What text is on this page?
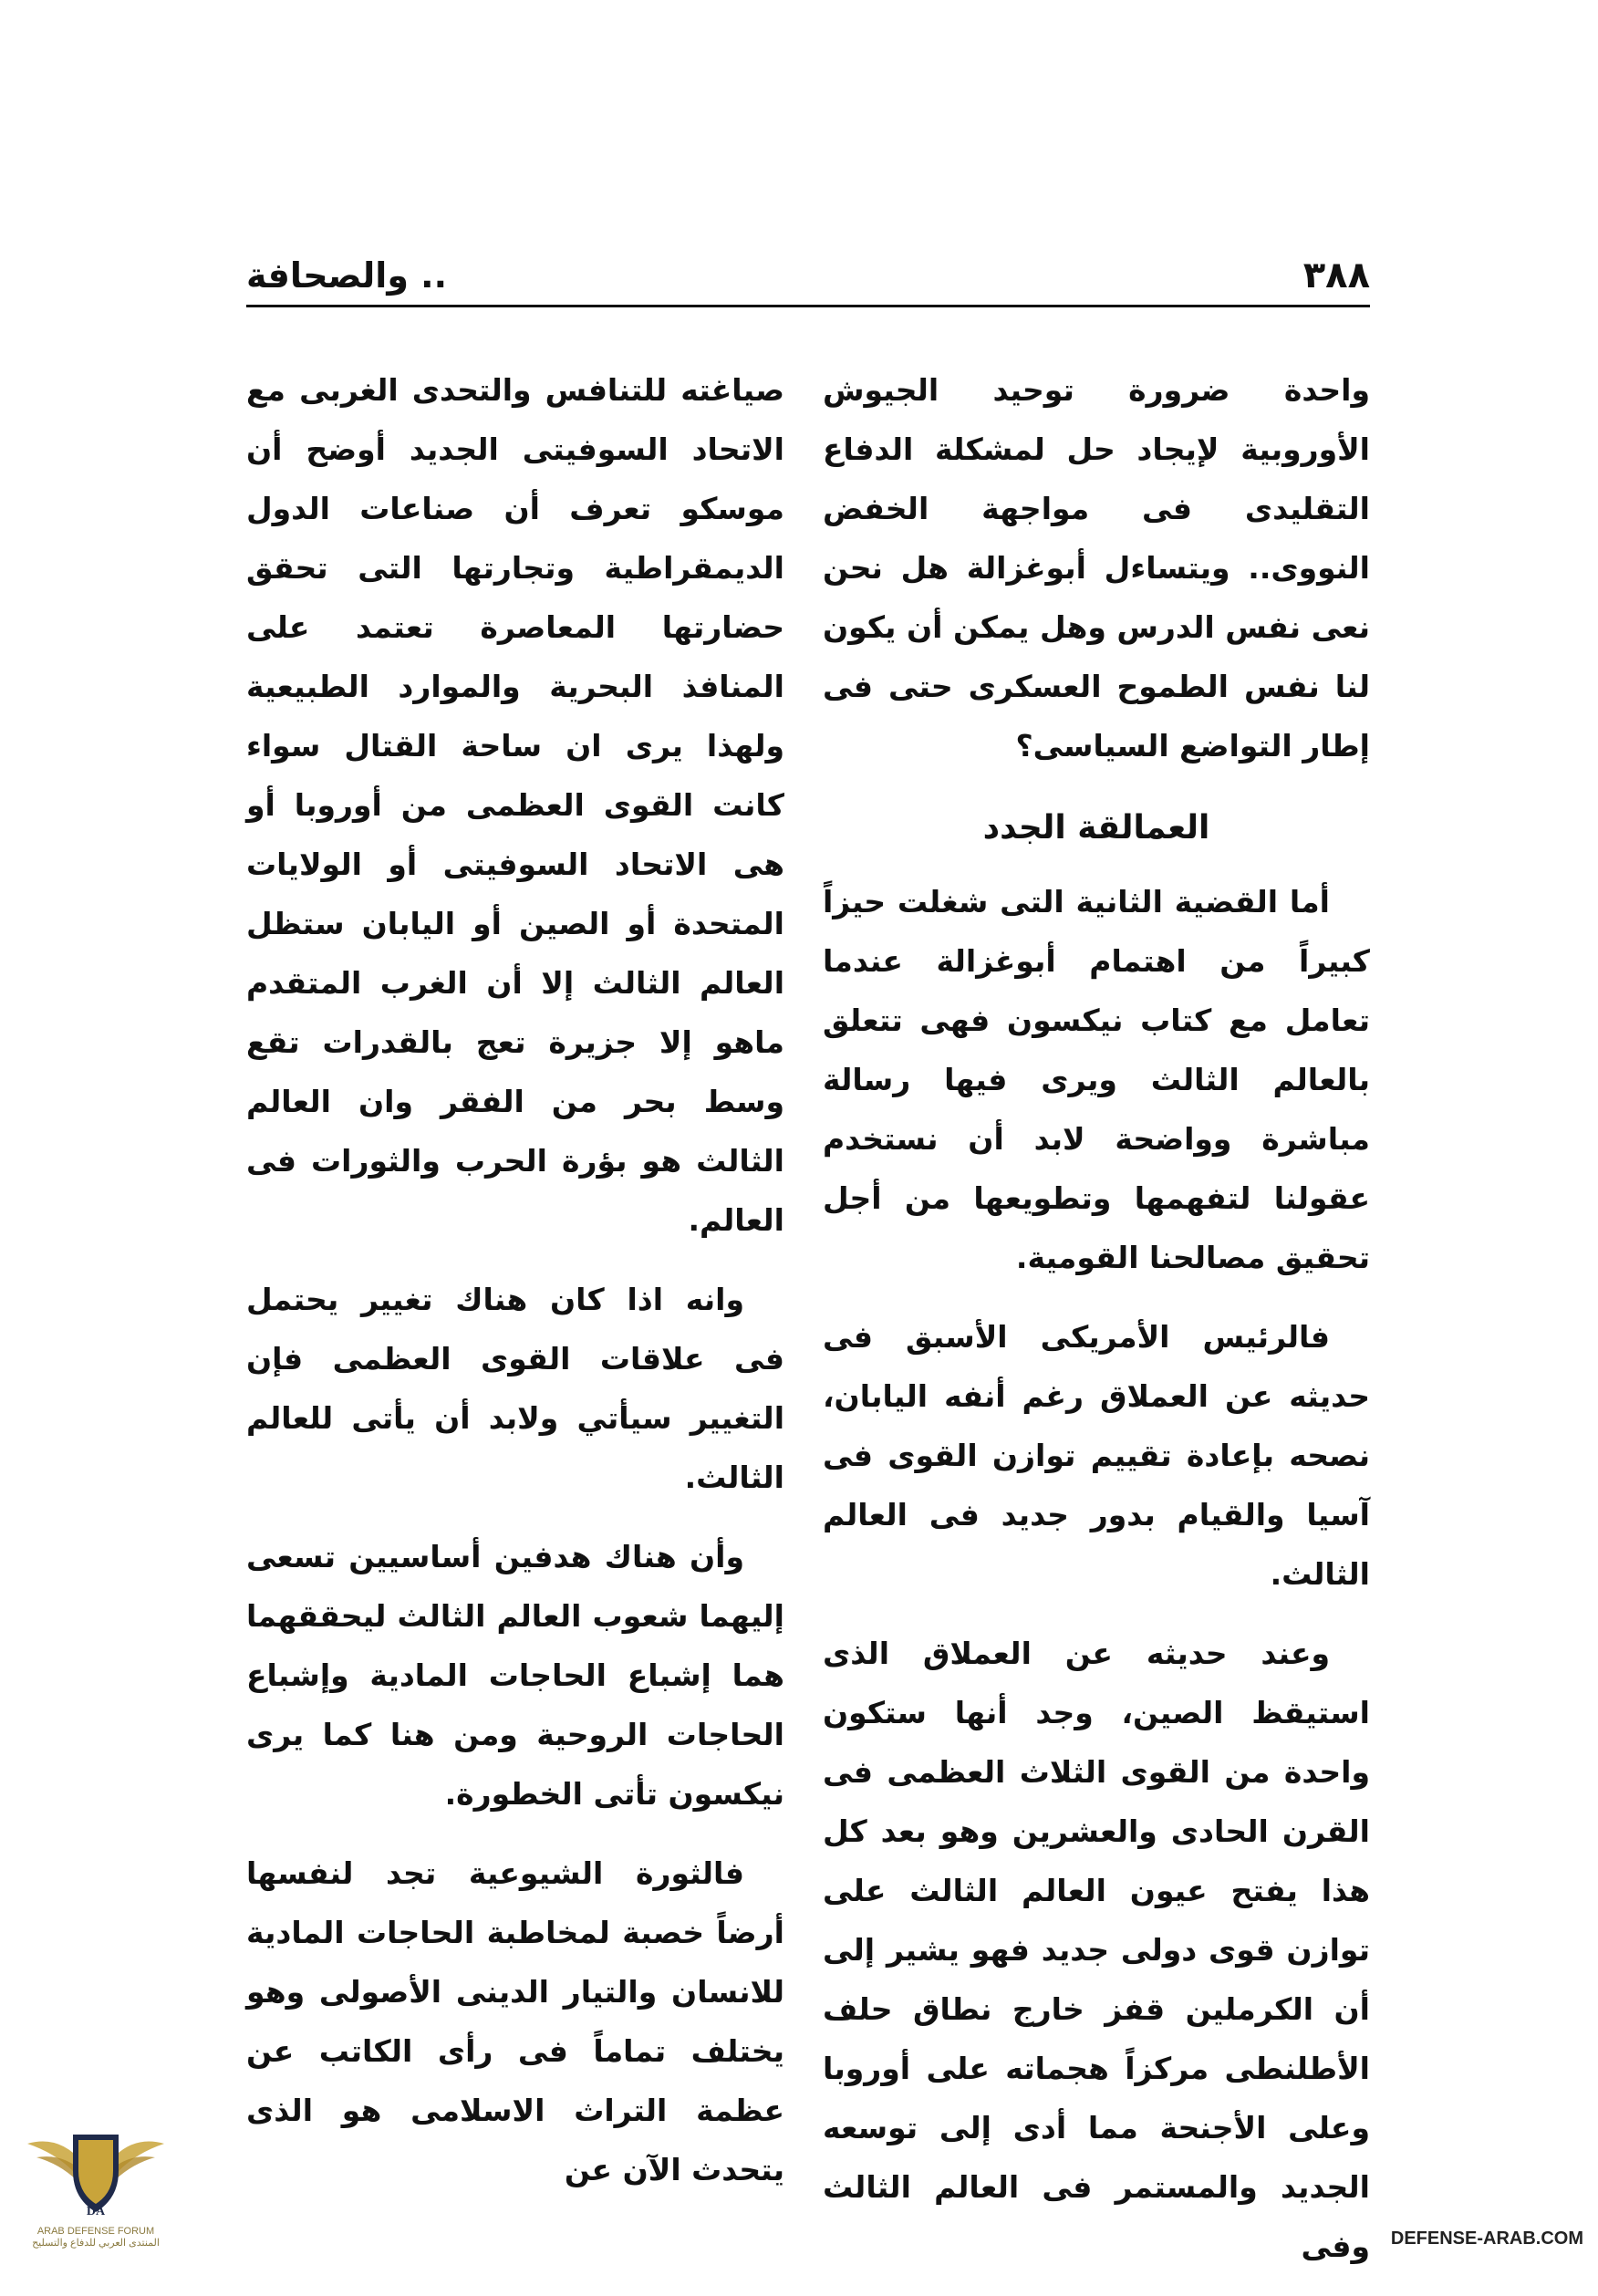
٣٨٨
.. والصحافة

واحدة ضرورة توحيد الجيوش الأوروبية لإيجاد حل لمشكلة الدفاع التقليدى فى مواجهة الخفض النووى.. ويتساءل أبوغزالة هل نحن نعى نفس الدرس وهل يمكن أن يكون لنا نفس الطموح العسكرى حتى فى إطار التواضع السياسى؟

العمالقة الجدد

أما القضية الثانية التى شغلت حيزاً كبيراً من اهتمام أبوغزالة عندما تعامل مع كتاب نيكسون فهى تتعلق بالعالم الثالث ويرى فيها رسالة مباشرة وواضحة لابد أن نستخدم عقولنا لتفهمها وتطويعها من أجل تحقيق مصالحنا القومية.

فالرئيس الأمريكى الأسبق فى حديثه عن العملاق رغم أنفه اليابان، نصحه بإعادة تقييم توازن القوى فى آسيا والقيام بدور جديد فى العالم الثالث.

وعند حديثه عن العملاق الذى استيقظ الصين، وجد أنها ستكون واحدة من القوى الثلاث العظمى فى القرن الحادى والعشرين وهو بعد كل هذا يفتح عيون العالم الثالث على توازن قوى دولى جديد فهو يشير إلى أن الكرملين قفز خارج نطاق حلف الأطلنطى مركزاً هجماته على أوروبا وعلى الأجنحة مما أدى إلى توسعه الجديد والمستمر فى العالم الثالث وفى

صياغته للتنافس والتحدى الغربى مع الاتحاد السوفيتى الجديد أوضح أن موسكو تعرف أن صناعات الدول الديمقراطية وتجارتها التى تحقق حضارتها المعاصرة تعتمد على المنافذ البحرية والموارد الطبيعية ولهذا يرى ان ساحة القتال سواء كانت القوى العظمى من أوروبا أو هى الاتحاد السوفيتى أو الولايات المتحدة أو الصين أو اليابان ستظل العالم الثالث إلا أن الغرب المتقدم ماهو إلا جزيرة تعج بالقدرات تقع وسط بحر من الفقر وان العالم الثالث هو بؤرة الحرب والثورات فى العالم.

وانه اذا كان هناك تغيير يحتمل فى علاقات القوى العظمى فإن التغيير سيأتي ولابد أن يأتى للعالم الثالث.

وأن هناك هدفين أساسيين تسعى إليهما شعوب العالم الثالث ليحققهما هما إشباع الحاجات المادية وإشباع الحاجات الروحية ومن هنا كما يرى نيكسون تأتى الخطورة.

فالثورة الشيوعية تجد لنفسها أرضاً خصبة لمخاطبة الحاجات المادية للانسان والتيار الدينى الأصولى وهو يختلف تماماً فى رأى الكاتب عن عظمة التراث الاسلامى هو الذى يتحدث الآن عن

DA
ARAB DEFENSE FORUM
المنتدى العربي للدفاع والتسليح	DEFENSE-ARAB.COM
